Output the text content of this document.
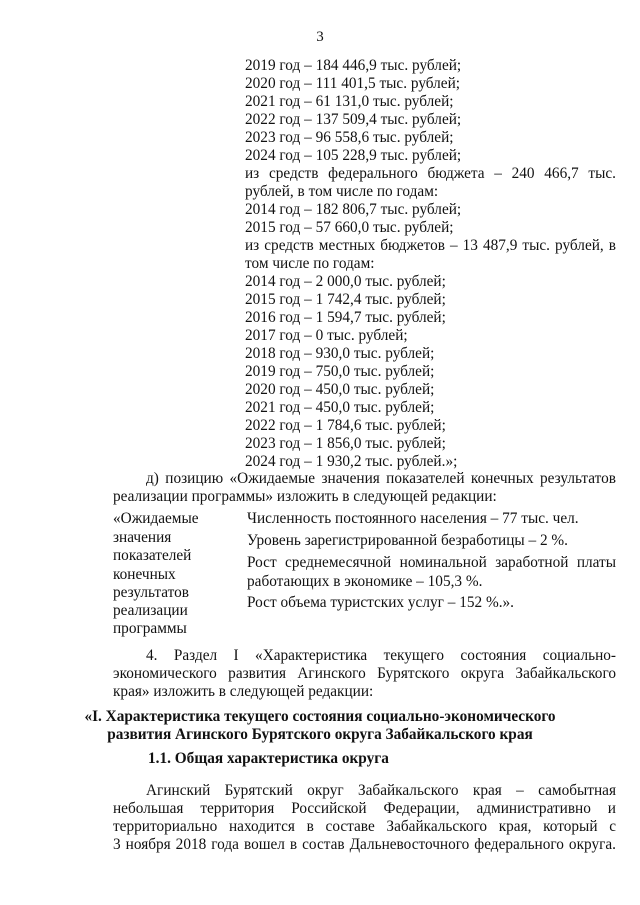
3
2019 год – 184 446,9 тыс. рублей;
2020 год – 111 401,5 тыс. рублей;
2021 год – 61 131,0 тыс. рублей;
2022 год – 137 509,4 тыс. рублей;
2023 год – 96 558,6 тыс. рублей;
2024 год – 105 228,9 тыс. рублей;
из средств федерального бюджета – 240 466,7 тыс.
рублей, в том числе по годам:
2014 год – 182 806,7 тыс. рублей;
2015 год – 57 660,0 тыс. рублей;
из средств местных бюджетов – 13 487,9 тыс. рублей, в
том числе по годам:
2014 год – 2 000,0 тыс. рублей;
2015 год – 1 742,4 тыс. рублей;
2016 год – 1 594,7 тыс. рублей;
2017 год – 0 тыс. рублей;
2018 год – 930,0 тыс. рублей;
2019 год – 750,0 тыс. рублей;
2020 год – 450,0 тыс. рублей;
2021 год – 450,0 тыс. рублей;
2022 год – 1 784,6 тыс. рублей;
2023 год – 1 856,0 тыс. рублей;
2024 год – 1 930,2 тыс. рублей.»;
д) позицию «Ожидаемые значения показателей конечных результатов
реализации программы» изложить в следующей редакции:
«Ожидаемые
значения
показателей
конечных
результатов
реализации
программы
Численность постоянного населения – 77 тыс. чел.
Уровень зарегистрированной безработицы – 2 %.
Рост среднемесячной номинальной заработной платы
работающих в экономике – 105,3 %.
Рост объема туристских услуг – 152 %.».
4. Раздел I «Характеристика текущего состояния социально-
экономического развития Агинского Бурятского округа Забайкальского
края» изложить в следующей редакции:
«I. Характеристика текущего состояния социально-экономического
развития Агинского Бурятского округа Забайкальского края
1.1. Общая характеристика округа
Агинский Бурятский округ Забайкальского края – самобытная
небольшая территория Российской Федерации, административно и
территориально находится в составе Забайкальского края, который с
3 ноября 2018 года вошел в состав Дальневосточного федерального округа.
